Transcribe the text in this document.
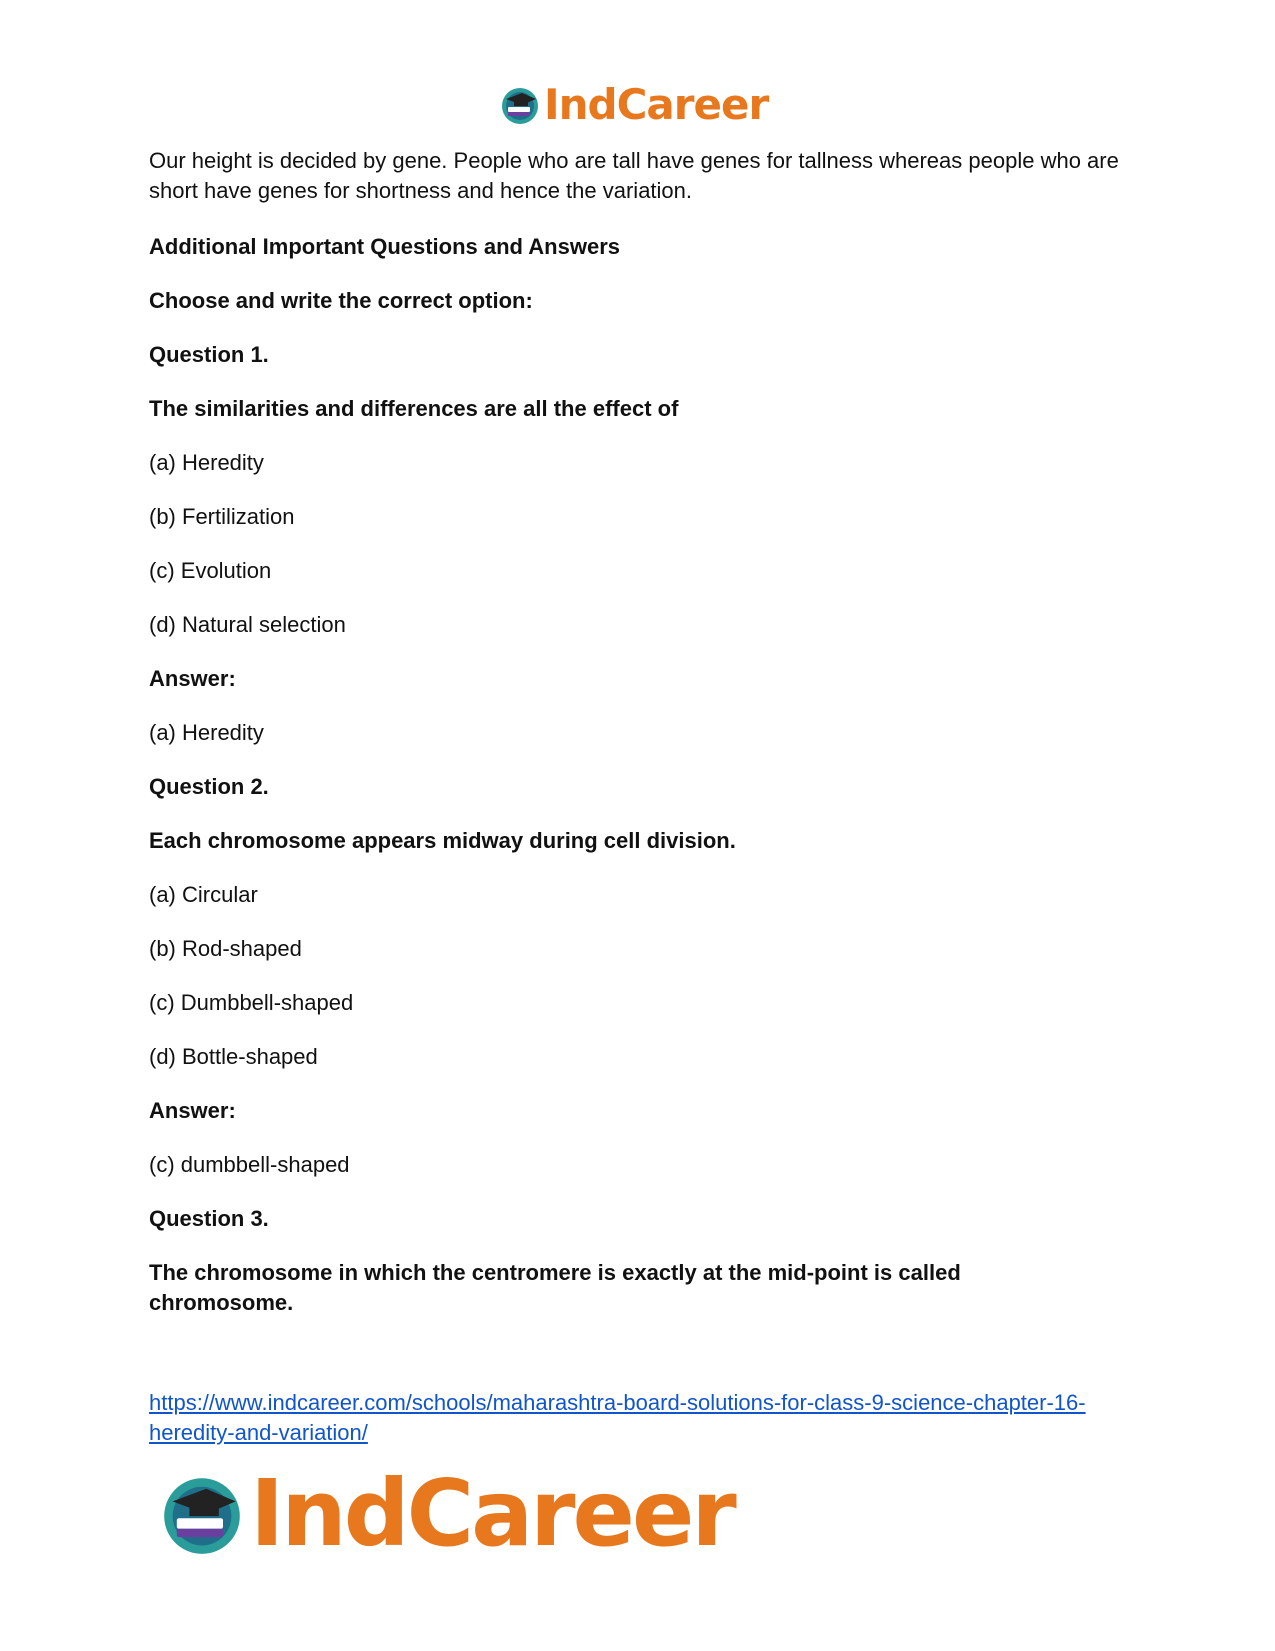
IndCareer

Our height is decided by gene. People who are tall have genes for tallness whereas people who are short have genes for shortness and hence the variation.

Additional Important Questions and Answers

Choose and write the correct option:

Question 1.

The similarities and differences are all the effect of

(a) Heredity

(b) Fertilization

(c) Evolution

(d) Natural selection

Answer:

(a) Heredity

Question 2.

Each chromosome appears midway during cell division.

(a) Circular

(b) Rod-shaped

(c) Dumbbell-shaped

(d) Bottle-shaped

Answer:

(c) dumbbell-shaped

Question 3.

The chromosome in which the centromere is exactly at the mid-point is called chromosome.

https://www.indcareer.com/schools/maharashtra-board-solutions-for-class-9-science-chapter-16-heredity-and-variation/
IndCareer
